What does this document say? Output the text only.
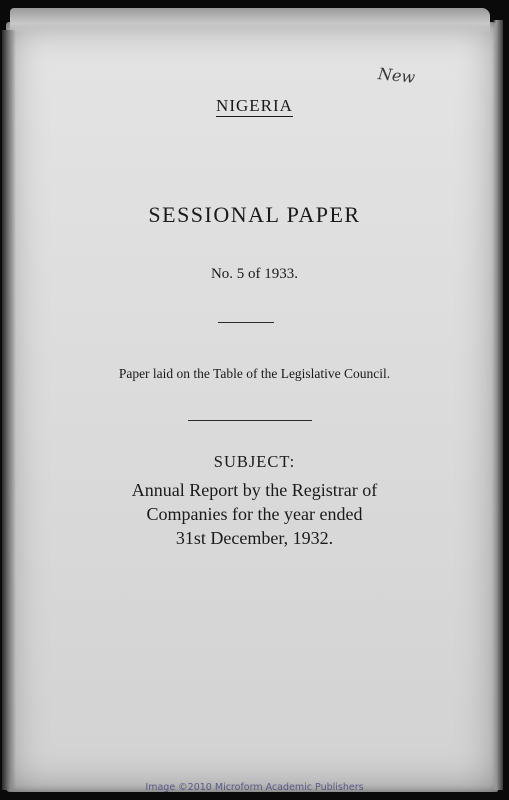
New
NIGERIA
SESSIONAL PAPER
No. 5 of 1933.
Paper laid on the Table of the Legislative Council.
SUBJECT:
Annual Report by the Registrar of
Companies for the year ended
31st December, 1932.
Image ©2010 Microform Academic Publishers
